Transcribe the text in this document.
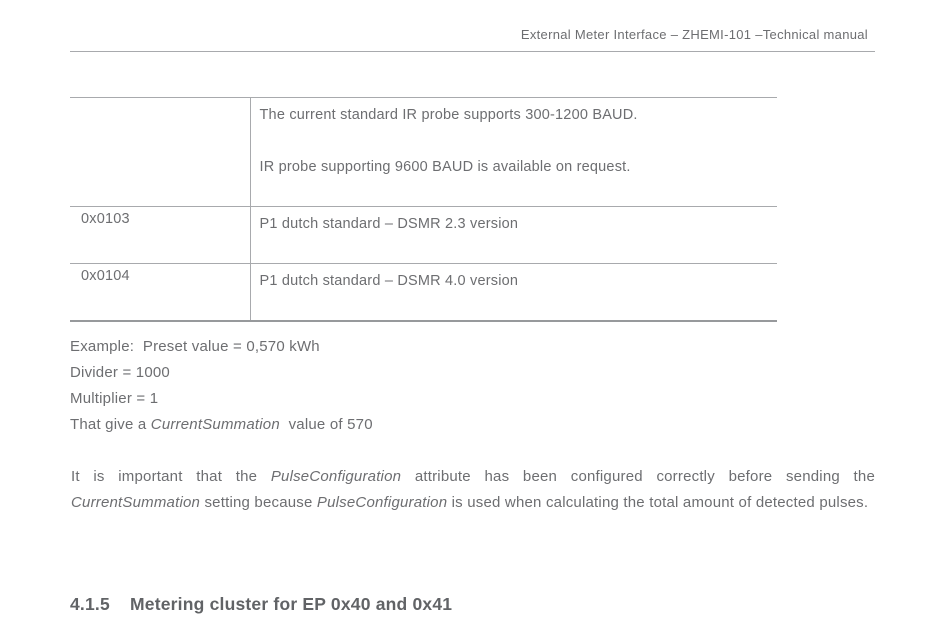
External Meter Interface – ZHEMI-101 –Technical manual

	The current standard IR probe supports 300-1200 BAUD.

IR probe supporting 9600 BAUD is available on request.

0x0103	P1 dutch standard – DSMR 2.3 version

0x0104	P1 dutch standard – DSMR 4.0 version

Example:  Preset value = 0,570 kWh
Divider = 1000
Multiplier = 1
That give a CurrentSummation  value of 570
It is important that the PulseConfiguration attribute has been configured correctly before sending the CurrentSummation setting because PulseConfiguration is used when calculating the total amount of detected pulses.
4.1.5 Metering cluster for EP 0x40 and 0x41
